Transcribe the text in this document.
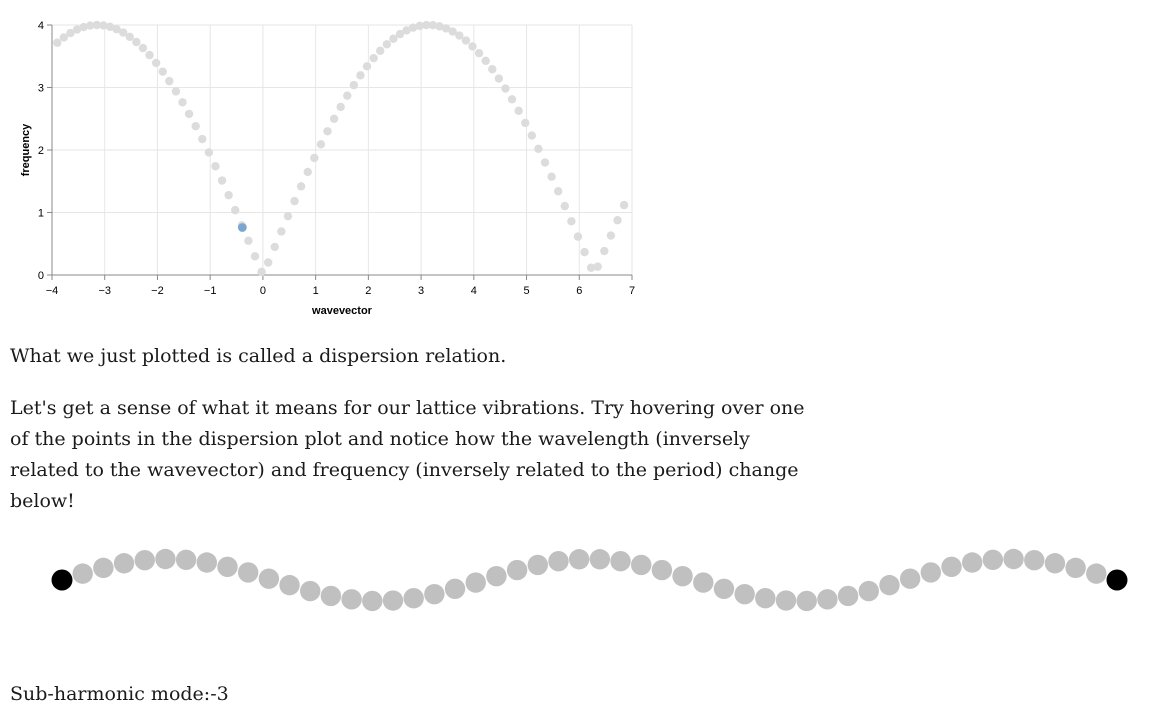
−4	−3	−2	−1	0	1	2	3	4	5	6	7
0
1
2
3
4
wavevector
frequency

What we just plotted is called a dispersion relation.

Let's get a sense of what it means for our lattice vibrations. Try hovering over one of the points in the dispersion plot and notice how the wavelength (inversely related to the wavevector) and frequency (inversely related to the period) change below!

Sub-harmonic mode:-3
